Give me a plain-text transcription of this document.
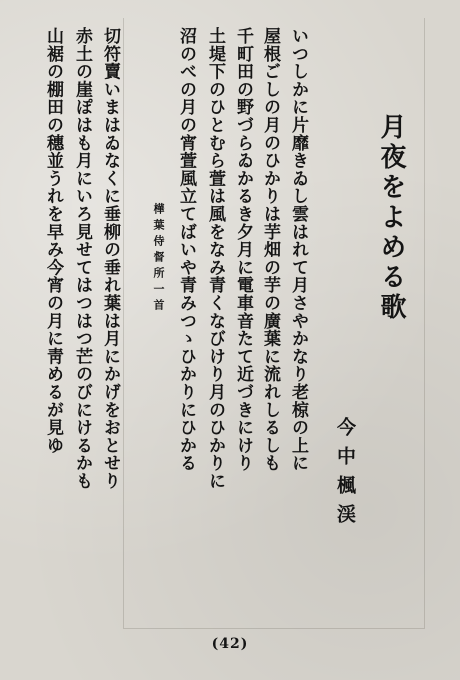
月夜をよめる歌
今中楓渓
いつしかに片靡きゐし雲はれて月さやかなり老椋の上に
屋根ごしの月のひかりは芋畑の芋の廣葉に流れしるしも
千町田の野づらゐかるき夕月に電車音たて近づきにけり
土堤下のひとむら萱は風をなみ青くなびけり月のひかりに
沼のべの月の宵萱風立てばいや青みつゝひかりにひかる
樺葉侍督所一首
切符賣いまはゐなくに垂柳の垂れ葉は月にかげをおとせり
赤土の崖ぽはも月にいろ見せてはつはつ芒のびにけるかも
山裾の棚田の穗並うれを早み今宵の月に靑めるが見ゆ
(42)
